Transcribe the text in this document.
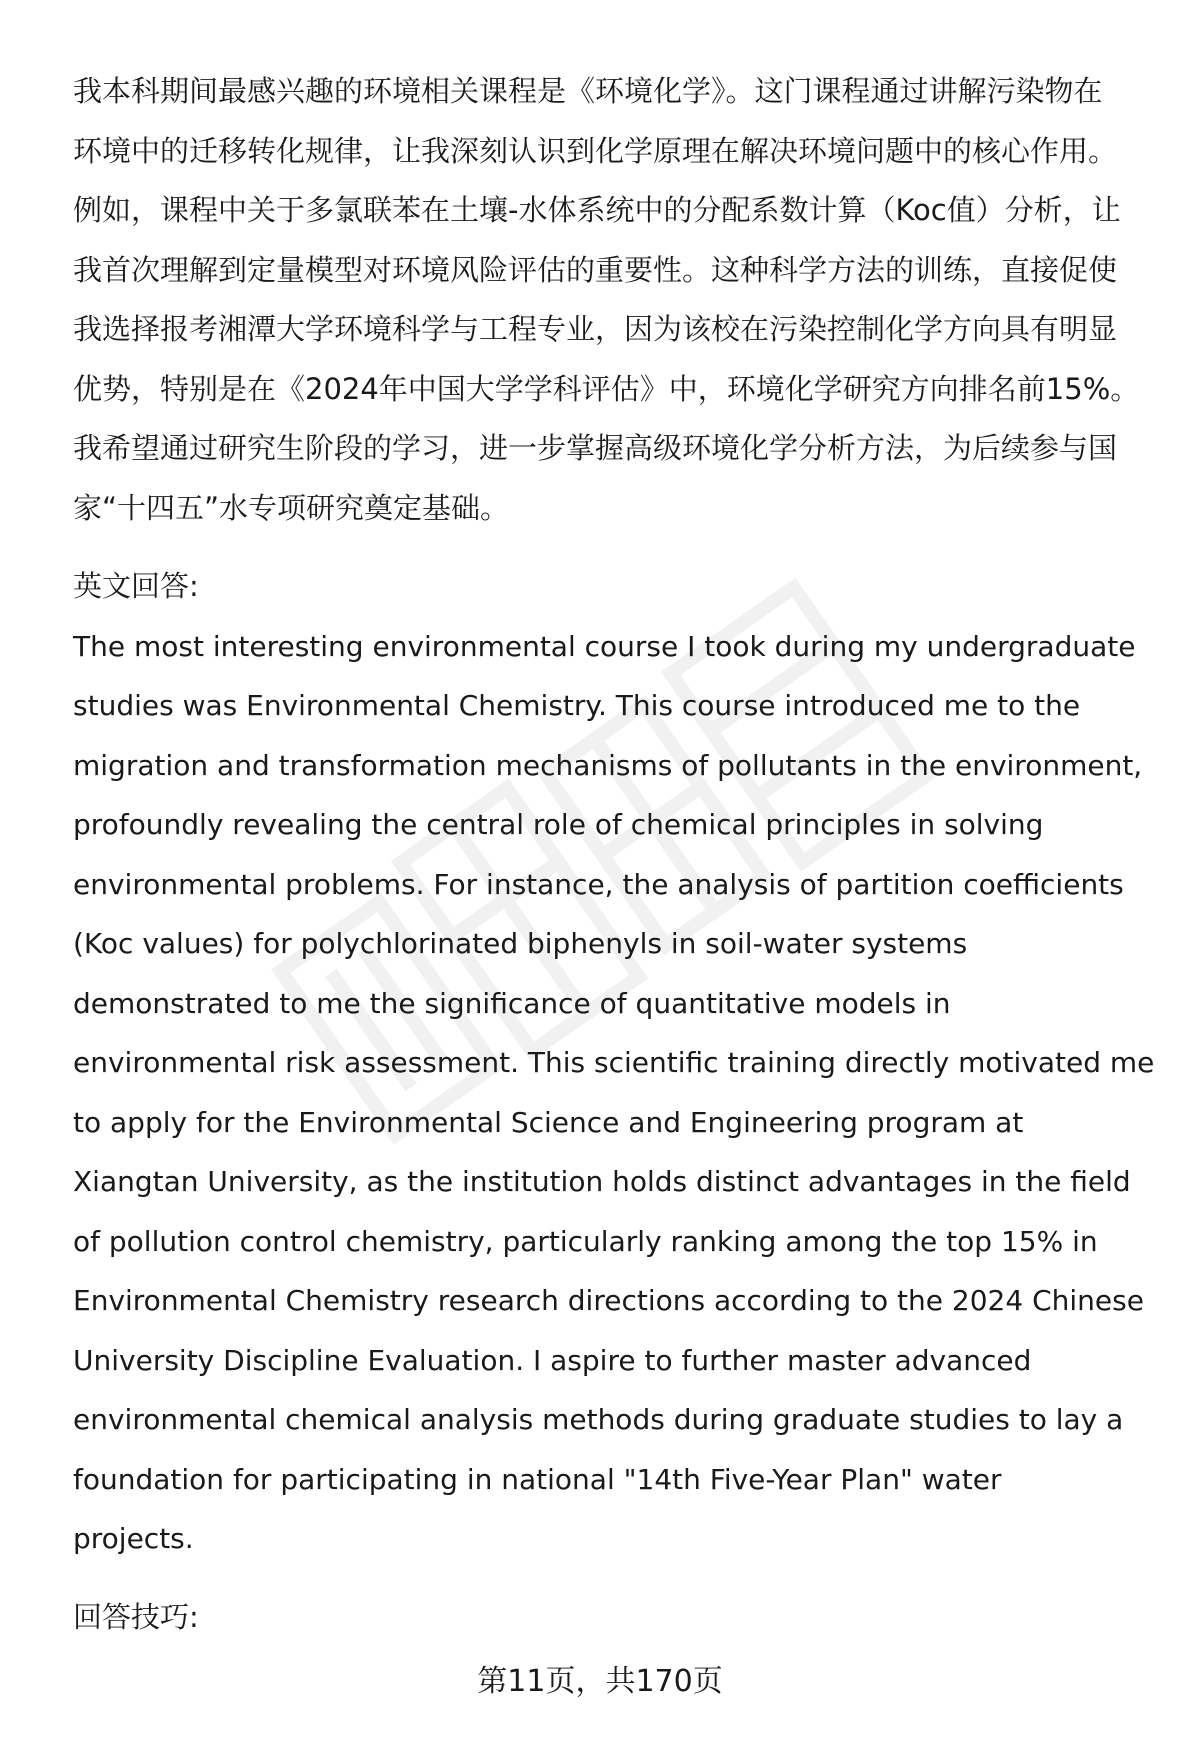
我本科期间最感兴趣的环境相关课程是《环境化学》。这门课程通过讲解污染物在
环境中的迁移转化规律，让我深刻认识到化学原理在解决环境问题中的核心作用。
例如，课程中关于多氯联苯在土壤-水体系统中的分配系数计算（Koc值）分析，让
我首次理解到定量模型对环境风险评估的重要性。这种科学方法的训练，直接促使
我选择报考湘潭大学环境科学与工程专业，因为该校在污染控制化学方向具有明显
优势，特别是在《2024年中国大学学科评估》中，环境化学研究方向排名前15%。
我希望通过研究生阶段的学习，进一步掌握高级环境化学分析方法，为后续参与国
家“十四五”水专项研究奠定基础。

英文回答:

The most interesting environmental course I took during my undergraduate
studies was Environmental Chemistry. This course introduced me to the
migration and transformation mechanisms of pollutants in the environment,
profoundly revealing the central role of chemical principles in solving
environmental problems. For instance, the analysis of partition coefficients
(Koc values) for polychlorinated biphenyls in soil-water systems
demonstrated to me the significance of quantitative models in
environmental risk assessment. This scientific training directly motivated me
to apply for the Environmental Science and Engineering program at
Xiangtan University, as the institution holds distinct advantages in the field
of pollution control chemistry, particularly ranking among the top 15% in
Environmental Chemistry research directions according to the 2024 Chinese
University Discipline Evaluation. I aspire to further master advanced
environmental chemical analysis methods during graduate studies to lay a
foundation for participating in national "14th Five-Year Plan" water
projects.

回答技巧:

第11页，共170页
